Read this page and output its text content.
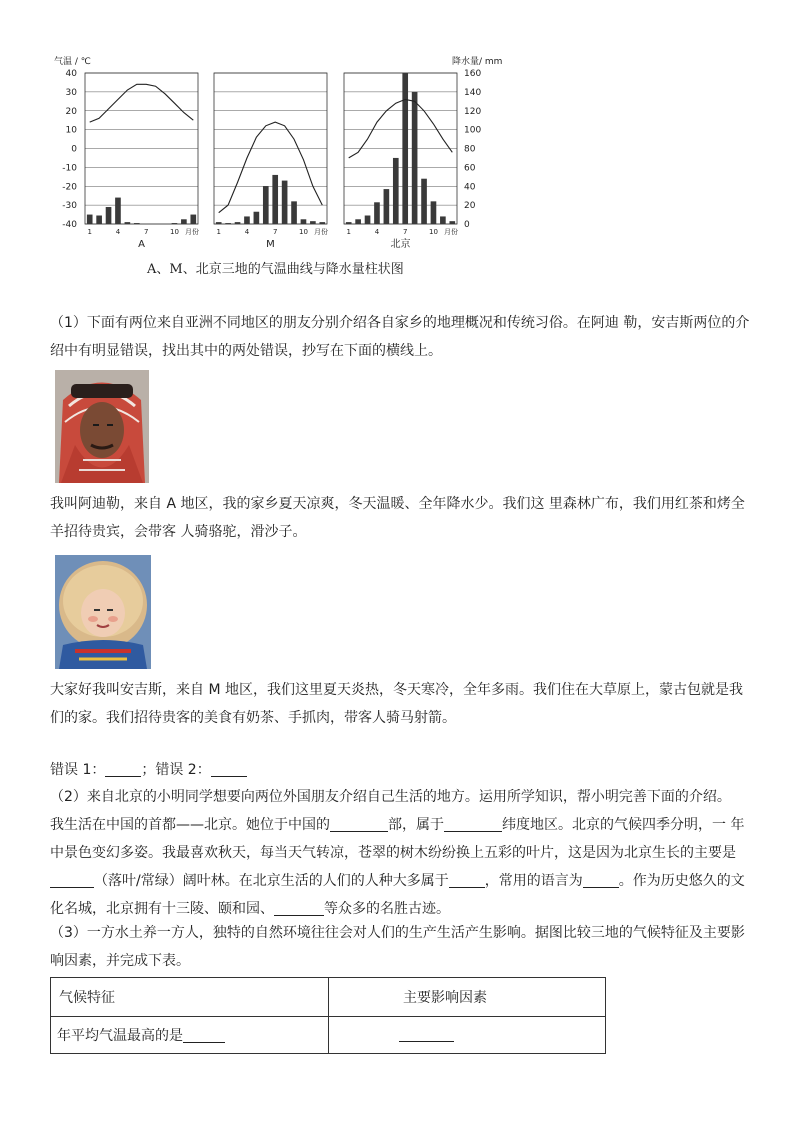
气温 / ℃	降水量/ mm
40
30
20
10
0
-10
-20
-30
-40
160
140
120
100
80
60
40
20
0
1	4	7	10 月份
A
1	4	7	10 月份
M
1	4	7	10 月份
北京
A、M、北京三地的气温曲线与降水量柱状图
（1）下面有两位来自亚洲不同地区的朋友分别介绍各自家乡的地理概况和传统习俗。在阿迪 勒，安吉斯两位的介绍中有明显错误，找出其中的两处错误，抄写在下面的横线上。
我叫阿迪勒，来自 A 地区，我的家乡夏天凉爽，冬天温暖、全年降水少。我们这 里森林广布，我们用红茶和烤全羊招待贵宾，会带客 人骑骆驼，滑沙子。
大家好我叫安吉斯，来自 M 地区，我们这里夏天炎热，冬天寒冷，全年多雨。我们住在大草原上，蒙古包就是我们的家。我们招待贵客的美食有奶茶、手抓肉，带客人骑马射箭。
错误 1：	；错误 2：
（2）来自北京的小明同学想要向两位外国朋友介绍自己生活的地方。运用所学知识，帮小明完善下面的介绍。
我生活在中国的首都——北京。她位于中国的	部，属于	纬度地区。北京的气候四季分明，一 年中景色变幻多姿。我最喜欢秋天，每当天气转凉，苍翠的树木纷纷换上五彩的叶片，这是因为北京生长的主要是（落叶/常绿）阔叶林。在北京生活的人们的人种大多属于	，常用的语言为	。作为历史悠久的文化名城，北京拥有十三陵、颐和园、	等众多的名胜古迹。
（3）一方水土养一方人，独特的自然环境往往会对人们的生产生活产生影响。据图比较三地的气候特征及主要影响因素，并完成下表。
气候特征	主要影响因素
年平均气温最高的是
